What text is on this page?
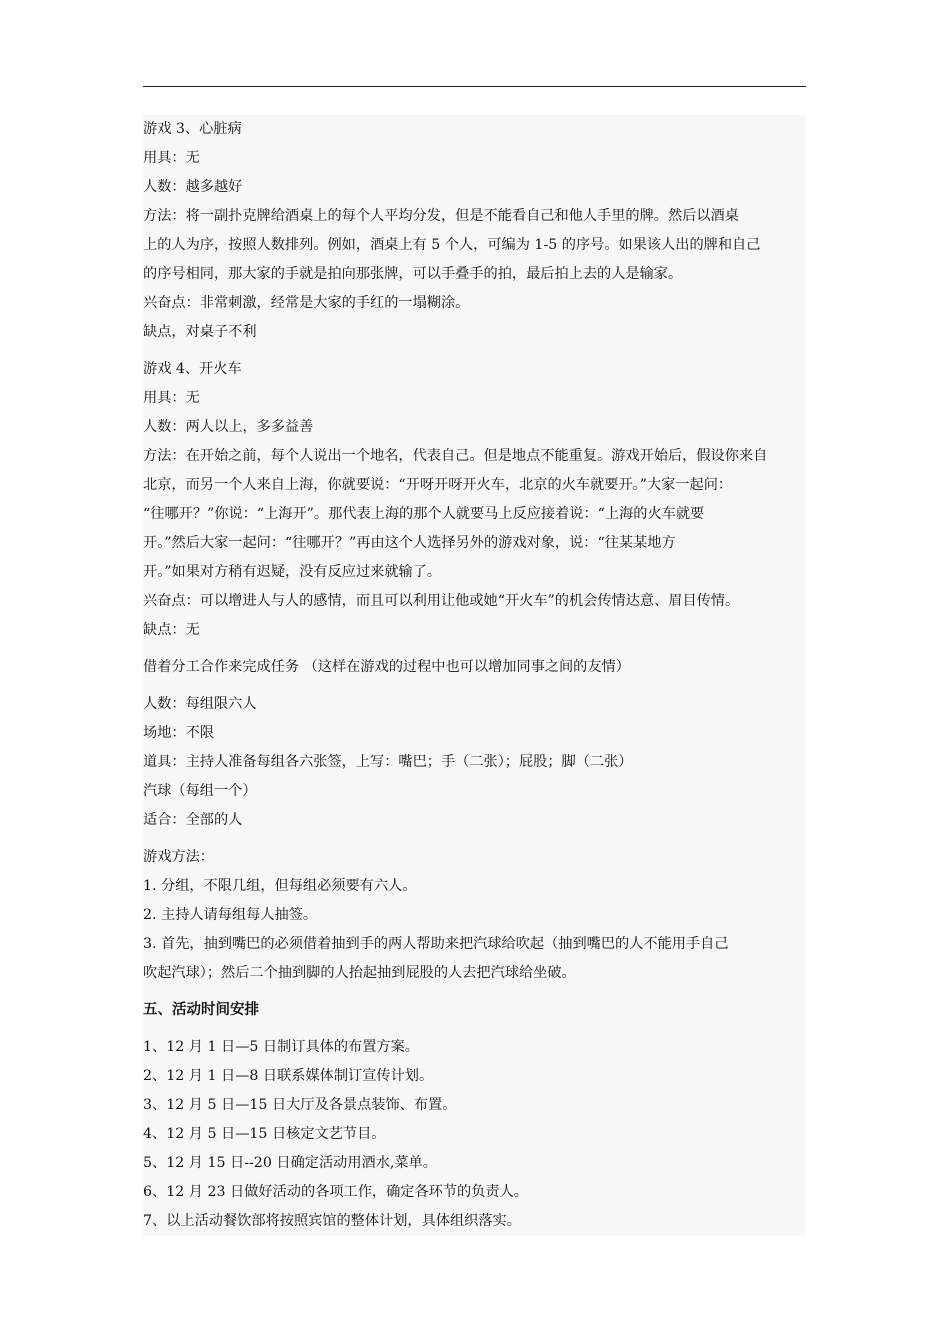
游戏 3、心脏病
用具：无
人数：越多越好
方法：将一副扑克牌给酒桌上的每个人平均分发，但是不能看自己和他人手里的牌。然后以酒桌
上的人为序，按照人数排列。例如，酒桌上有 5 个人，可编为 1-5 的序号。如果该人出的牌和自己
的序号相同，那大家的手就是拍向那张牌，可以手叠手的拍，最后拍上去的人是输家。
兴奋点：非常刺激，经常是大家的手红的一塌糊涂。
缺点，对桌子不利
游戏 4、开火车
用具：无
人数：两人以上，多多益善
方法：在开始之前，每个人说出一个地名，代表自己。但是地点不能重复。游戏开始后，假设你来自
北京，而另一个人来自上海，你就要说：“开呀开呀开火车，北京的火车就要开。”大家一起问：
“往哪开？”你说：“上海开”。那代表上海的那个人就要马上反应接着说：“上海的火车就要
开。”然后大家一起问：“往哪开？”再由这个人选择另外的游戏对象，说：“往某某地方
开。”如果对方稍有迟疑，没有反应过来就输了。
兴奋点：可以增进人与人的感情，而且可以利用让他或她“开火车”的机会传情达意、眉目传情。
缺点：无
借着分工合作来完成任务 （这样在游戏的过程中也可以增加同事之间的友情）
人数：每组限六人
场地：不限
道具：主持人准备每组各六张签，上写：嘴巴；手（二张）；屁股；脚（二张）
汽球（每组一个）
适合：全部的人
游戏方法：
1. 分组，不限几组，但每组必须要有六人。
2. 主持人请每组每人抽签。
3. 首先，抽到嘴巴的必须借着抽到手的两人帮助来把汽球给吹起（抽到嘴巴的人不能用手自己
吹起汽球）；然后二个抽到脚的人抬起抽到屁股的人去把汽球给坐破。
五、活动时间安排
1、12 月 1 日—5 日制订具体的布置方案。
2、12 月 1 日—8 日联系媒体制订宣传计划。
3、12 月 5 日—15 日大厅及各景点装饰、布置。
4、12 月 5 日—15 日核定文艺节目。
5、12 月 15 日--20 日确定活动用酒水,菜单。
6、12 月 23 日做好活动的各项工作，确定各环节的负责人。
7、以上活动餐饮部将按照宾馆的整体计划，具体组织落实。
